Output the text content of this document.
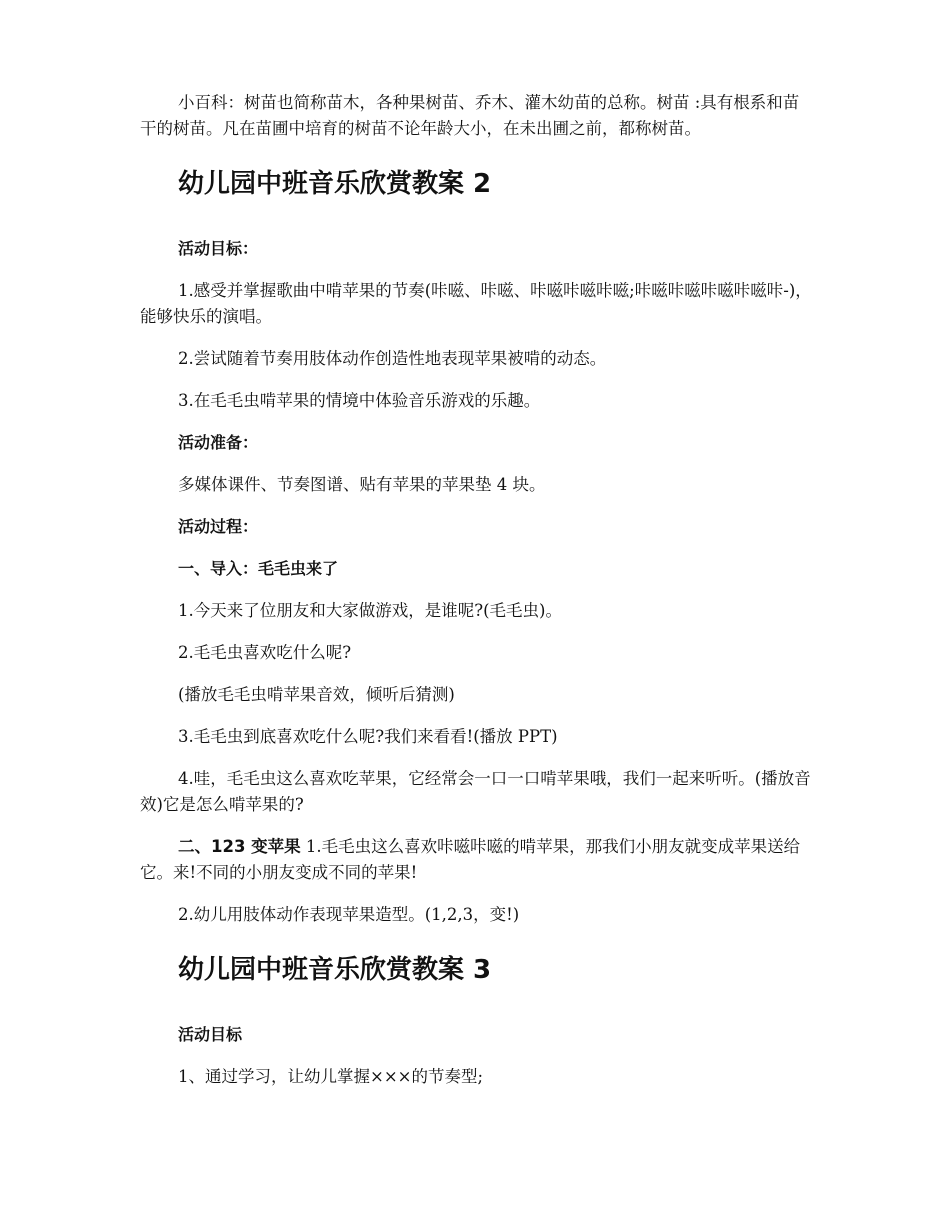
小百科：树苗也简称苗木，各种果树苗、乔木、灌木幼苗的总称。树苗 :具有根系和苗干的树苗。凡在苗圃中培育的树苗不论年龄大小，在未出圃之前，都称树苗。

幼儿园中班音乐欣赏教案 2
活动目标：

1.感受并掌握歌曲中啃苹果的节奏(咔嗞、咔嗞、咔嗞咔嗞咔嗞;咔嗞咔嗞咔嗞咔嗞咔-)，能够快乐的演唱。

2.尝试随着节奏用肢体动作创造性地表现苹果被啃的动态。

3.在毛毛虫啃苹果的情境中体验音乐游戏的乐趣。

活动准备：

多媒体课件、节奏图谱、贴有苹果的苹果垫 4 块。

活动过程：
一、导入：毛毛虫来了

1.今天来了位朋友和大家做游戏，是谁呢?(毛毛虫)。

2.毛毛虫喜欢吃什么呢?

(播放毛毛虫啃苹果音效，倾听后猜测)

3.毛毛虫到底喜欢吃什么呢?我们来看看!(播放 PPT)

4.哇，毛毛虫这么喜欢吃苹果，它经常会一口一口啃苹果哦，我们一起来听听。(播放音效)它是怎么啃苹果的?

二、123 变苹果 1.毛毛虫这么喜欢咔嗞咔嗞的啃苹果，那我们小朋友就变成苹果送给它。来!不同的小朋友变成不同的苹果!

2.幼儿用肢体动作表现苹果造型。(1,2,3，变!)

幼儿园中班音乐欣赏教案 3
活动目标

1、通过学习，让幼儿掌握×××的节奏型;
